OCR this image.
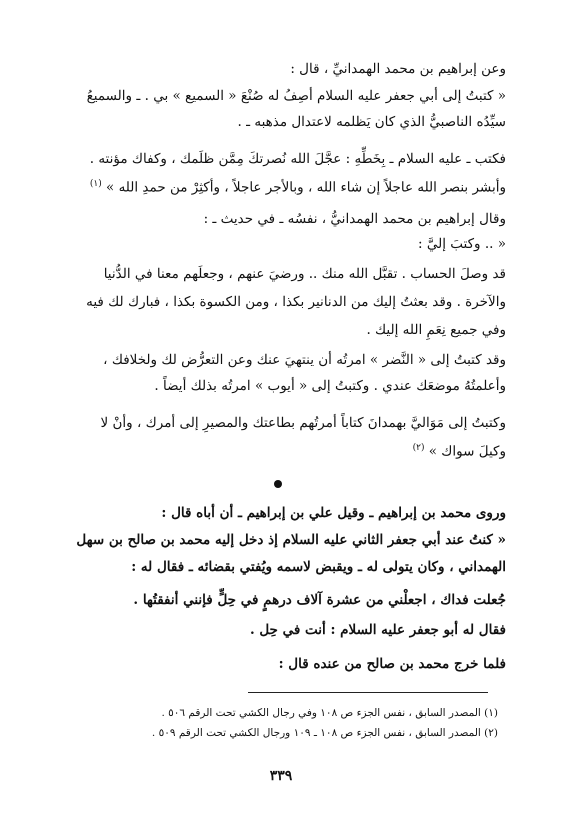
وعن إبراهيم بن محمد الهمدانيِّ ، قال :
« كتبتُ إلى أبي جعفر عليه السلام أصِفُ له صُنْعَ « السميع » بي . ـ والسميعُ
سيِّدُه الناصبيُّ الذي كان يَظلمه لاعتدال مذهبه ـ .
فكتب ـ عليه السلام ـ بِخَطِّهِ : عجَّلَ الله نُصرتكَ مِمَّن ظلَمك ، وكفاك مؤنته .
وأبشر بنصر الله عاجلاً إن شاء الله ، وبالأجر عاجلاً ، وأكثِرْ من حمدِ الله » $^{(١)}$
وقال إبراهيم بن محمد الهمدانيُّ ، نفسُه ـ في حديث ـ :
« .. وكتبَ إليَّ :
قد وصلَ الحساب . تقبَّل الله منك .. ورضيَ عنهم ، وجعلَهم معنا في الدُّنيا
والآخرة . وقد بعثتُ إليك من الدنانير بكذا ، ومن الكسوة بكذا ، فبارك لك فيه
وفي جميع نِعَمِ الله إليك .
وقد كتبتُ إلى « النَّضر » امرتُه أن ينتهيَ عنك وعن التعرُّض لك ولخلافك ،
وأعلمتُهُ موضعَك عندي . وكتبتُ إلى « أيوب » امرتُه بذلك أيضاً .
وكتبتُ إلى مَوَاليَّ بهمدانَ كتاباً أمرتُهم بطاعتك والمصيرِ إلى أمرك ، وأنْ لا
وكيلَ سواك » $^{(٢)}$
وروى محمد بن إبراهيم ـ وقيل علي بن إبراهيم ـ أن أباه قال :
« كنتُ عند أبي جعفر الثاني عليه السلام إذ دخل إليه محمد بن صالح بن سهل
الهمداني ، وكان يتولى له ـ ويقبض لاسمه ويُفتي بقضائه ـ فقال له :
جُعلت فداك ، اجعلْني من عشرة آلاف درهمٍ في حِلٍّ فإنني أنفقتُها .
فقال له أبو جعفر عليه السلام : أنت في حِل .
فلما خرج محمد بن صالح من عنده قال :
(١) المصدر السابق ، نفس الجزء ص ١٠٨ وفي رجال الكشي تحت الرقم ٥٠٦ .
(٢) المصدر السابق ، نفس الجزء ص ١٠٨ ـ ١٠٩ ورجال الكشي تحت الرقم ٥٠٩ .
٣٣٩
